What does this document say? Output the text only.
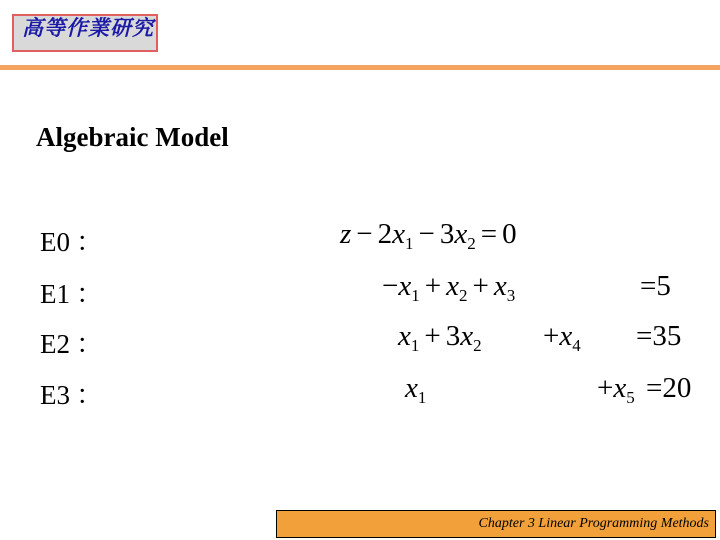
高等作業研究
Algebraic Model
E0 ：
E1 ：
E2 ：
E3 ：
$z - 2x_1 - 3x_2 = 0$
$-x_1 + x_2 + x_3$	=5
$x_1 + 3x_2 +x_4 =35$
$x_1$	$+x_5 =20$
Chapter 3 Linear Programming Methods
